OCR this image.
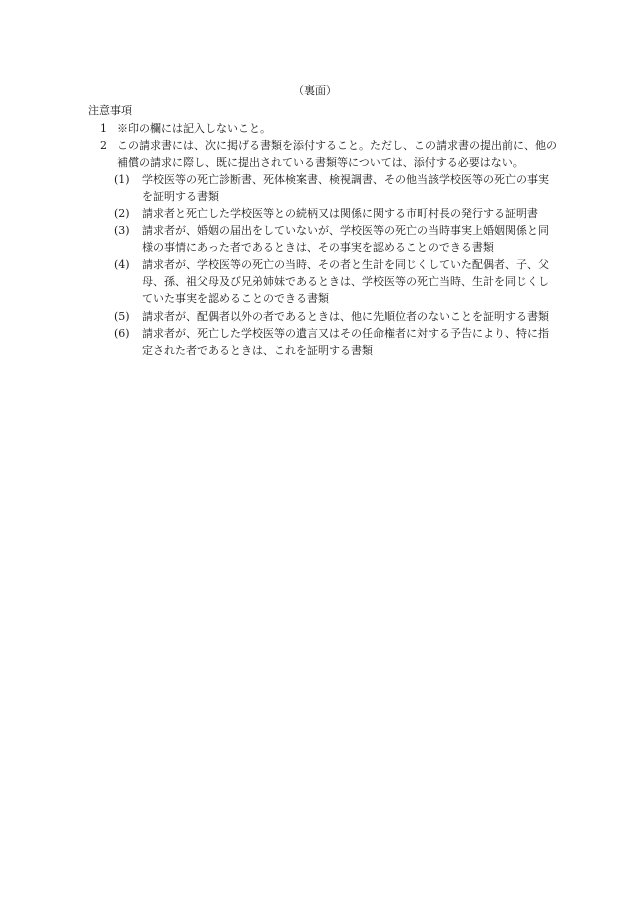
（裏面）
注意事項
1 ※印の欄には記入しないこと。
2 この請求書には、次に掲げる書類を添付すること。ただし、この請求書の提出前に、他の補償の請求に際し、既に提出されている書類等については、添付する必要はない。
(1)	学校医等の死亡診断書、死体検案書、検視調書、その他当該学校医等の死亡の事実を証明する書類
(2)	請求者と死亡した学校医等との続柄又は関係に関する市町村長の発行する証明書
(3)	請求者が、婚姻の届出をしていないが、学校医等の死亡の当時事実上婚姻関係と同様の事情にあった者であるときは、その事実を認めることのできる書類
(4)	請求者が、学校医等の死亡の当時、その者と生計を同じくしていた配偶者、子、父母、孫、祖父母及び兄弟姉妹であるときは、学校医等の死亡当時、生計を同じくしていた事実を認めることのできる書類
(5)	請求者が、配偶者以外の者であるときは、他に先順位者のないことを証明する書類
(6)	請求者が、死亡した学校医等の遺言又はその任命権者に対する予告により、特に指定された者であるときは、これを証明する書類
